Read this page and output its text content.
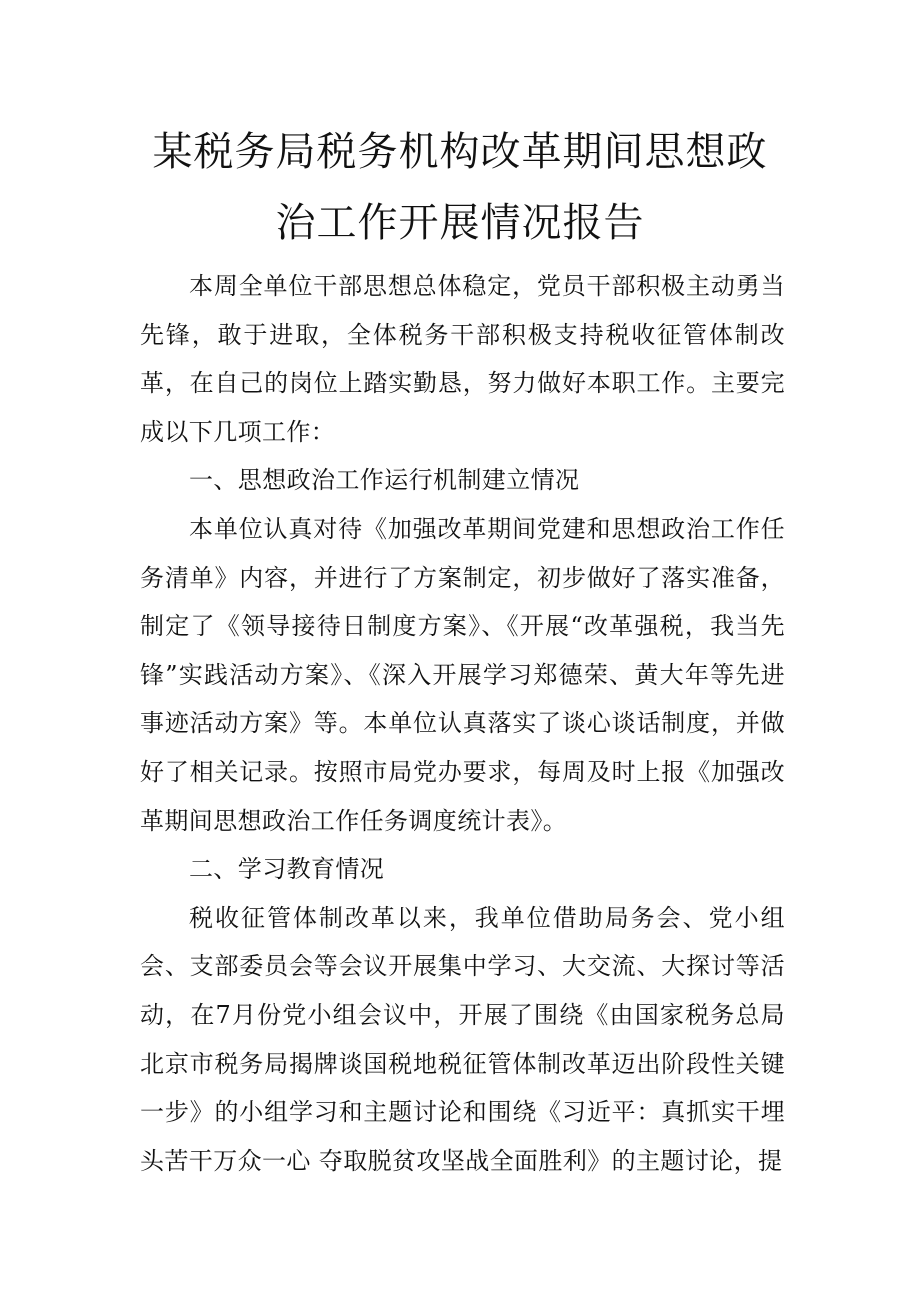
某税务局税务机构改革期间思想政
治工作开展情况报告

本周全单位干部思想总体稳定，党员干部积极主动勇当先锋，敢于进取，全体税务干部积极支持税收征管体制改革，在自己的岗位上踏实勤恳，努力做好本职工作。主要完成以下几项工作：

一、思想政治工作运行机制建立情况

本单位认真对待《加强改革期间党建和思想政治工作任务清单》内容，并进行了方案制定，初步做好了落实准备，制定了《领导接待日制度方案》、《开展“改革强税，我当先锋”实践活动方案》、《深入开展学习郑德荣、黄大年等先进事迹活动方案》等。本单位认真落实了谈心谈话制度，并做好了相关记录。按照市局党办要求，每周及时上报《加强改革期间思想政治工作任务调度统计表》。

二、学习教育情况

税收征管体制改革以来，我单位借助局务会、党小组会、支部委员会等会议开展集中学习、大交流、大探讨等活动，在7月份党小组会议中，开展了围绕《由国家税务总局北京市税务局揭牌谈国税地税征管体制改革迈出阶段性关键一步》的小组学习和主题讨论和围绕《习近平：真抓实干埋头苦干万众一心 夺取脱贫攻坚战全面胜利》的主题讨论，提
